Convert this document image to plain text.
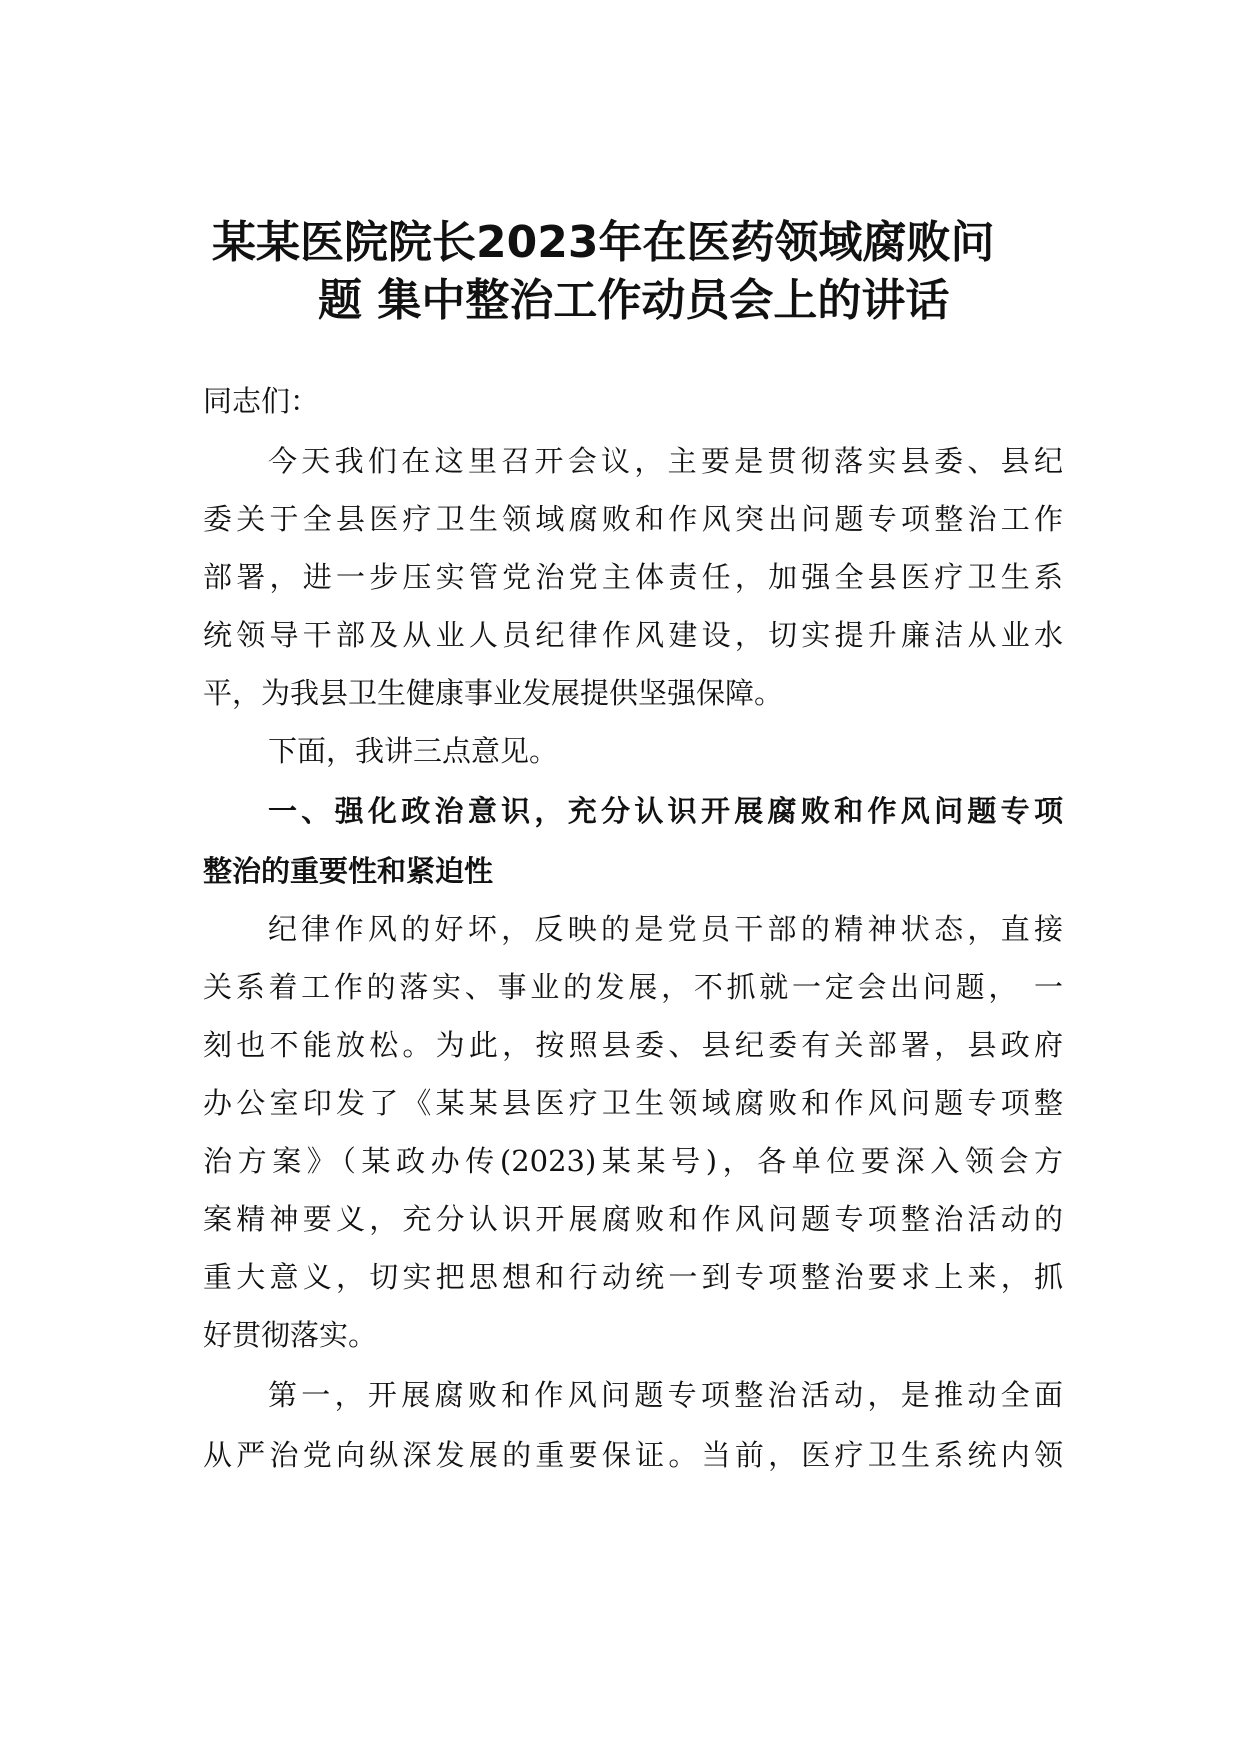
某某医院院长2023年在医药领域腐败问
题 集中整治工作动员会上的讲话

同志们：

今天我们在这里召开会议，主要是贯彻落实县委、县纪

委关于全县医疗卫生领域腐败和作风突出问题专项整治工作

部署，进一步压实管党治党主体责任，加强全县医疗卫生系

统领导干部及从业人员纪律作风建设，切实提升廉洁从业水

平，为我县卫生健康事业发展提供坚强保障。

下面，我讲三点意见。

一、强化政治意识，充分认识开展腐败和作风问题专项

整治的重要性和紧迫性

纪律作风的好坏，反映的是党员干部的精神状态，直接

关系着工作的落实、事业的发展，不抓就一定会出问题， 一

刻也不能放松。为此，按照县委、县纪委有关部署，县政府

办公室印发了《某某县医疗卫生领域腐败和作风问题专项整

治方案》（某政办传(2023)某某号)，各单位要深入领会方

案精神要义，充分认识开展腐败和作风问题专项整治活动的

重大意义，切实把思想和行动统一到专项整治要求上来，抓

好贯彻落实。

第一，开展腐败和作风问题专项整治活动，是推动全面

从严治党向纵深发展的重要保证。当前，医疗卫生系统内领
